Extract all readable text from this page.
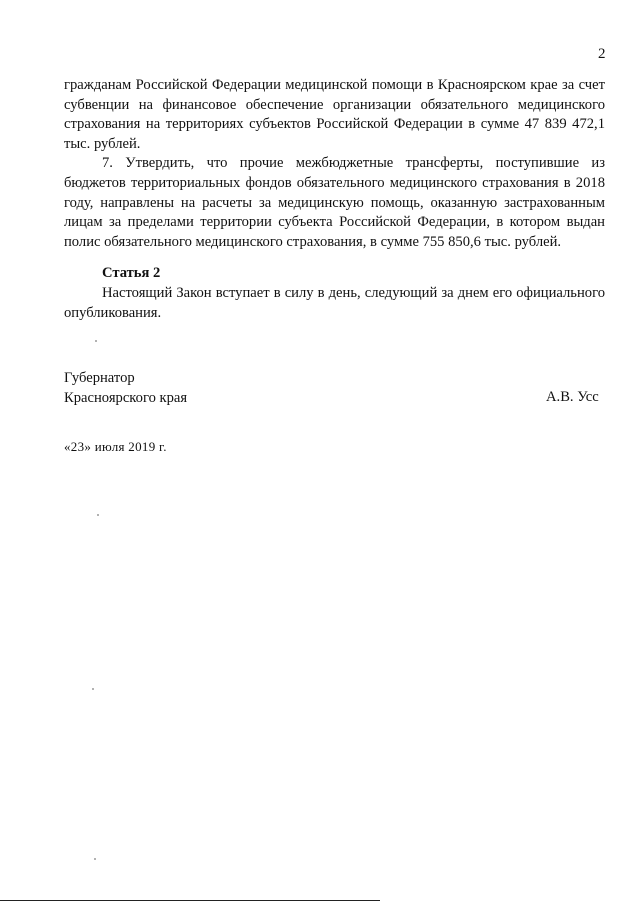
2

гражданам Российской Федерации медицинской помощи в Красноярском крае за счет субвенции на финансовое обеспечение организации обязательного медицинского страхования на территориях субъектов Российской Федерации в сумме 47 839 472,1 тыс. рублей.

7. Утвердить, что прочие межбюджетные трансферты, поступившие из бюджетов территориальных фондов обязательного медицинского страхования в 2018 году, направлены на расчеты за медицинскую помощь, оказанную застрахованным лицам за пределами территории субъекта Российской Федерации, в котором выдан полис обязательного медицинского страхования, в сумме 755 850,6 тыс. рублей.

Статья 2

Настоящий Закон вступает в силу в день, следующий за днем его официального опубликования.

Губернатор
Красноярского края	А.В. Усс
«23» июля 2019 г.
